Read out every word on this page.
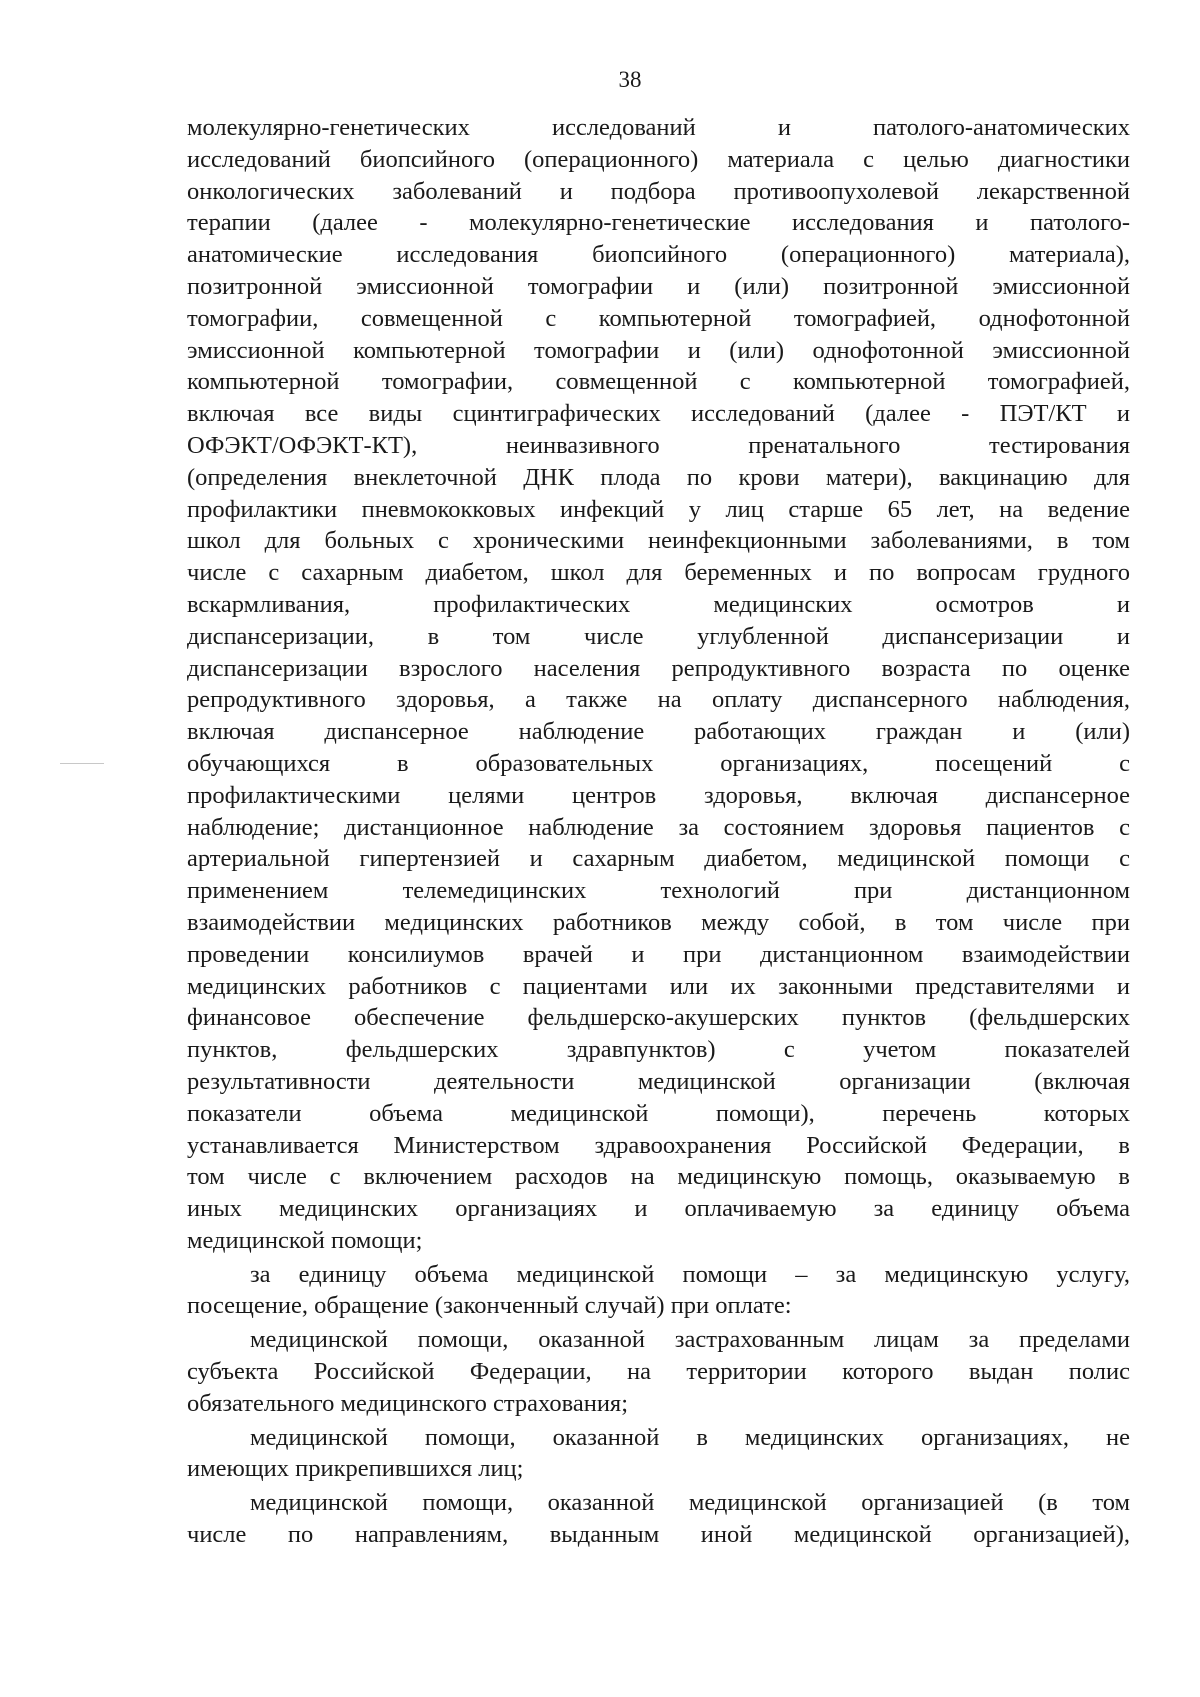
38

молекулярно-генетических исследований и патолого-анатомических
исследований биопсийного (операционного) материала с целью диагностики
онкологических заболеваний и подбора противоопухолевой лекарственной
терапии (далее - молекулярно-генетические исследования и патолого-
анатомические исследования биопсийного (операционного) материала),
позитронной эмиссионной томографии и (или) позитронной эмиссионной
томографии, совмещенной с компьютерной томографией, однофотонной
эмиссионной компьютерной томографии и (или) однофотонной эмиссионной
компьютерной томографии, совмещенной с компьютерной томографией,
включая все виды сцинтиграфических исследований (далее - ПЭТ/КТ и
ОФЭКТ/ОФЭКТ-КТ), неинвазивного пренатального тестирования
(определения внеклеточной ДНК плода по крови матери), вакцинацию для
профилактики пневмококковых инфекций у лиц старше 65 лет, на ведение
школ для больных с хроническими неинфекционными заболеваниями, в том
числе с сахарным диабетом, школ для беременных и по вопросам грудного
вскармливания, профилактических медицинских осмотров и
диспансеризации, в том числе углубленной диспансеризации и
диспансеризации взрослого населения репродуктивного возраста по оценке
репродуктивного здоровья, а также на оплату диспансерного наблюдения,
включая диспансерное наблюдение работающих граждан и (или)
обучающихся в образовательных организациях, посещений с
профилактическими целями центров здоровья, включая диспансерное
наблюдение; дистанционное наблюдение за состоянием здоровья пациентов с
артериальной гипертензией и сахарным диабетом, медицинской помощи с
применением телемедицинских технологий при дистанционном
взаимодействии медицинских работников между собой, в том числе при
проведении консилиумов врачей и при дистанционном взаимодействии
медицинских работников с пациентами или их законными представителями и
финансовое обеспечение фельдшерско-акушерских пунктов (фельдшерских
пунктов, фельдшерских здравпунктов) с учетом показателей
результативности деятельности медицинской организации (включая
показатели объема медицинской помощи), перечень которых
устанавливается Министерством здравоохранения Российской Федерации, в
том числе с включением расходов на медицинскую помощь, оказываемую в
иных медицинских организациях и оплачиваемую за единицу объема
медицинской помощи;

за единицу объема медицинской помощи – за медицинскую услугу,
посещение, обращение (законченный случай) при оплате:

медицинской помощи, оказанной застрахованным лицам за пределами
субъекта Российской Федерации, на территории которого выдан полис
обязательного медицинского страхования;

медицинской помощи, оказанной в медицинских организациях, не
имеющих прикрепившихся лиц;

медицинской помощи, оказанной медицинской организацией (в том
числе по направлениям, выданным иной медицинской организацией),
